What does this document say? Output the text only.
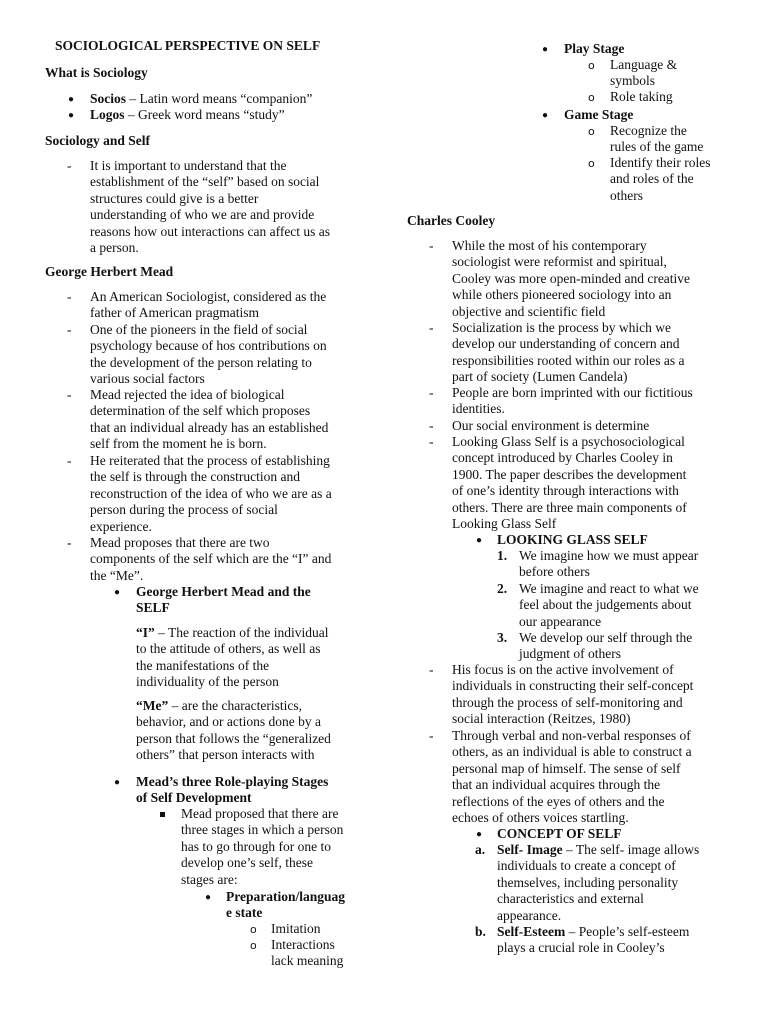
SOCIOLOGICAL PERSPECTIVE ON SELF
What is Sociology
● Socios – Latin word means “companion”
● Logos – Greek word means “study”
Sociology and Self
- It is important to understand that the
establishment of the “self” based on social
structures could give is a better
understanding of who we are and provide
reasons how out interactions can affect us as
a person.
George Herbert Mead
- An American Sociologist, considered as the
father of American pragmatism
- One of the pioneers in the field of social
psychology because of hos contributions on
the development of the person relating to
various social factors
- Mead rejected the idea of biological
determination of the self which proposes
that an individual already has an established
self from the moment he is born.
- He reiterated that the process of establishing
the self is through the construction and
reconstruction of the idea of who we are as a
person during the process of social
experience.
- Mead proposes that there are two
components of the self which are the “I” and
the “Me”.
● George Herbert Mead and the
SELF
“I” – The reaction of the individual
to the attitude of others, as well as
the manifestations of the
individuality of the person
“Me” – are the characteristics,
behavior, and or actions done by a
person that follows the “generalized
others” that person interacts with
● Mead’s three Role-playing Stages
of Self Development
Mead proposed that there are
three stages in which a person
has to go through for one to
develop one’s self, these
stages are:
● Preparation/languag
e state
o Imitation
o Interactions
lack meaning
● Play Stage
o Language &
symbols
o Role taking
● Game Stage
o Recognize the
rules of the game
o Identify their roles
and roles of the
others
Charles Cooley
- While the most of his contemporary
sociologist were reformist and spiritual,
Cooley was more open-minded and creative
while others pioneered sociology into an
objective and scientific field
- Socialization is the process by which we
develop our understanding of concern and
responsibilities rooted within our roles as a
part of society (Lumen Candela)
- People are born imprinted with our fictitious
identities.
- Our social environment is determine
- Looking Glass Self is a psychosociological
concept introduced by Charles Cooley in
1900. The paper describes the development
of one’s identity through interactions with
others. There are three main components of
Looking Glass Self
● LOOKING GLASS SELF
1. We imagine how we must appear
before others
2. We imagine and react to what we
feel about the judgements about
our appearance
3. We develop our self through the
judgment of others
- His focus is on the active involvement of
individuals in constructing their self-concept
through the process of self-monitoring and
social interaction (Reitzes, 1980)
- Through verbal and non-verbal responses of
others, as an individual is able to construct a
personal map of himself. The sense of self
that an individual acquires through the
reflections of the eyes of others and the
echoes of others voices startling.
● CONCEPT OF SELF
a. Self- Image – The self- image allows
individuals to create a concept of
themselves, including personality
characteristics and external
appearance.
b. Self-Esteem – People’s self-esteem
plays a crucial role in Cooley’s
